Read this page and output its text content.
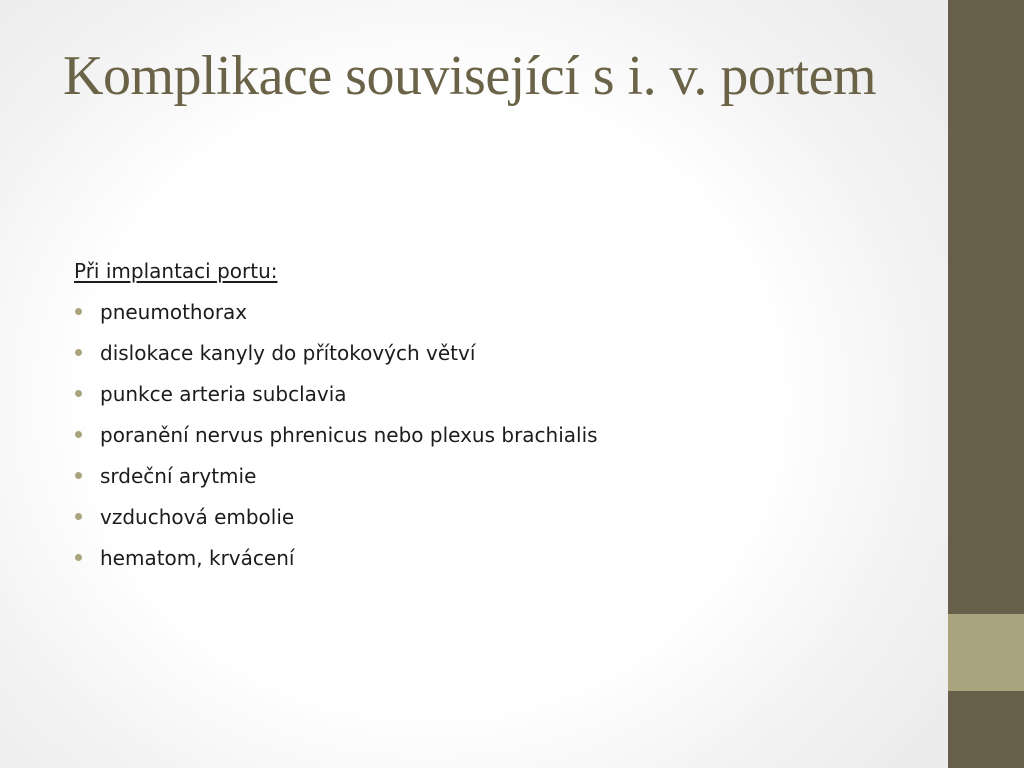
Komplikace související s i. v. portem
Při implantaci portu:
pneumothorax
dislokace kanyly do přítokových větví
punkce arteria subclavia
poranění nervus phrenicus nebo plexus brachialis
srdeční arytmie
vzduchová embolie
hematom, krvácení
